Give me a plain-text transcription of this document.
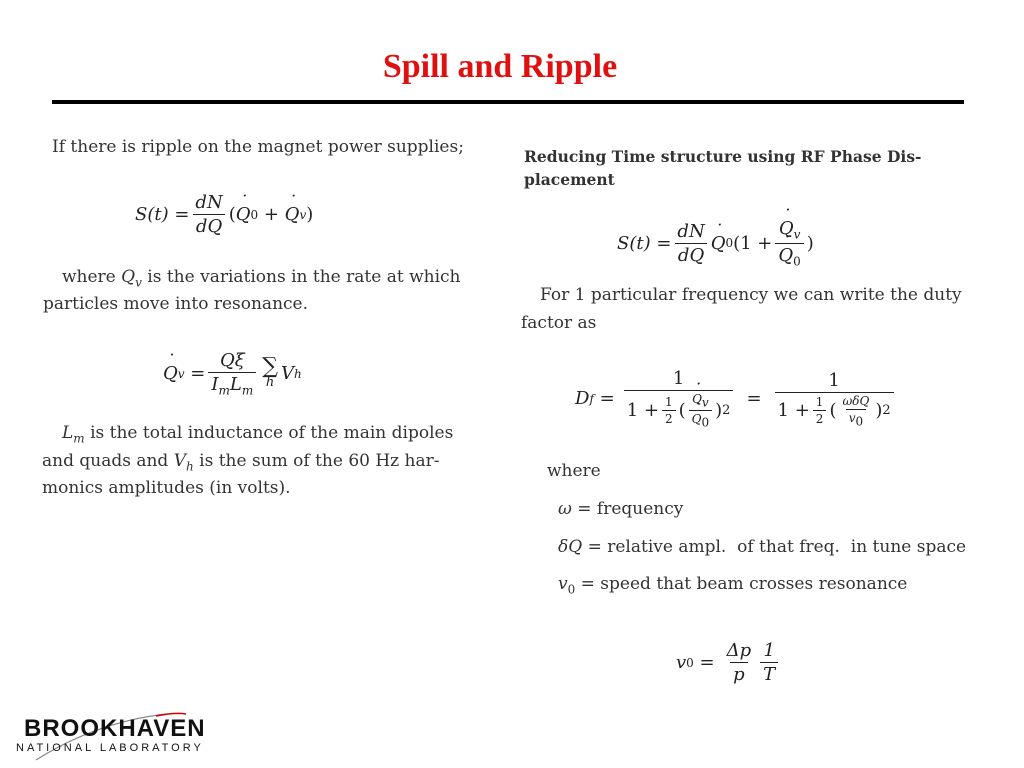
Spill and Ripple
If there is ripple on the magnet power supplies;
$S(t) = \frac{dN}{dQ}$ ( ˙ Q 0 + ˙ Q v )
where $Q_v$ is the variations in the rate at which
particles move into resonance.
˙ Q $v = \frac{Q\xi}{I_mL_m}$ ∑
h V h
$L_m$ is the total inductance of the main dipoles
and quads and $V_h$ is the sum of the 60 Hz har-
monics amplitudes (in volts).
Reducing Time structure using RF Phase Dis-
placement
$S(t) = \frac{dN}{dQ}$ ˙ Q 0 (1 + ˙ $Q_v$
˙ $Q_0$ )
For 1 particular frequency we can write the duty
factor as
D f = 1
$1 + \frac{1}{2}$ ( ˙ $Q_v$
˙ $Q_0$ ) $2 = \frac{1}{1 + \frac{1}{2} ( \frac{\text{ωδQ}}{v_0} ) 2}$
where
ω = frequency
δQ = relative ampl.  of that freq.  in tune space
$v_0$ = speed that beam crosses resonance
v $0 = \frac{\Delta p}{p} \frac{1}{T}$
BROOKHAVEN
NATIONAL LABORATORY
